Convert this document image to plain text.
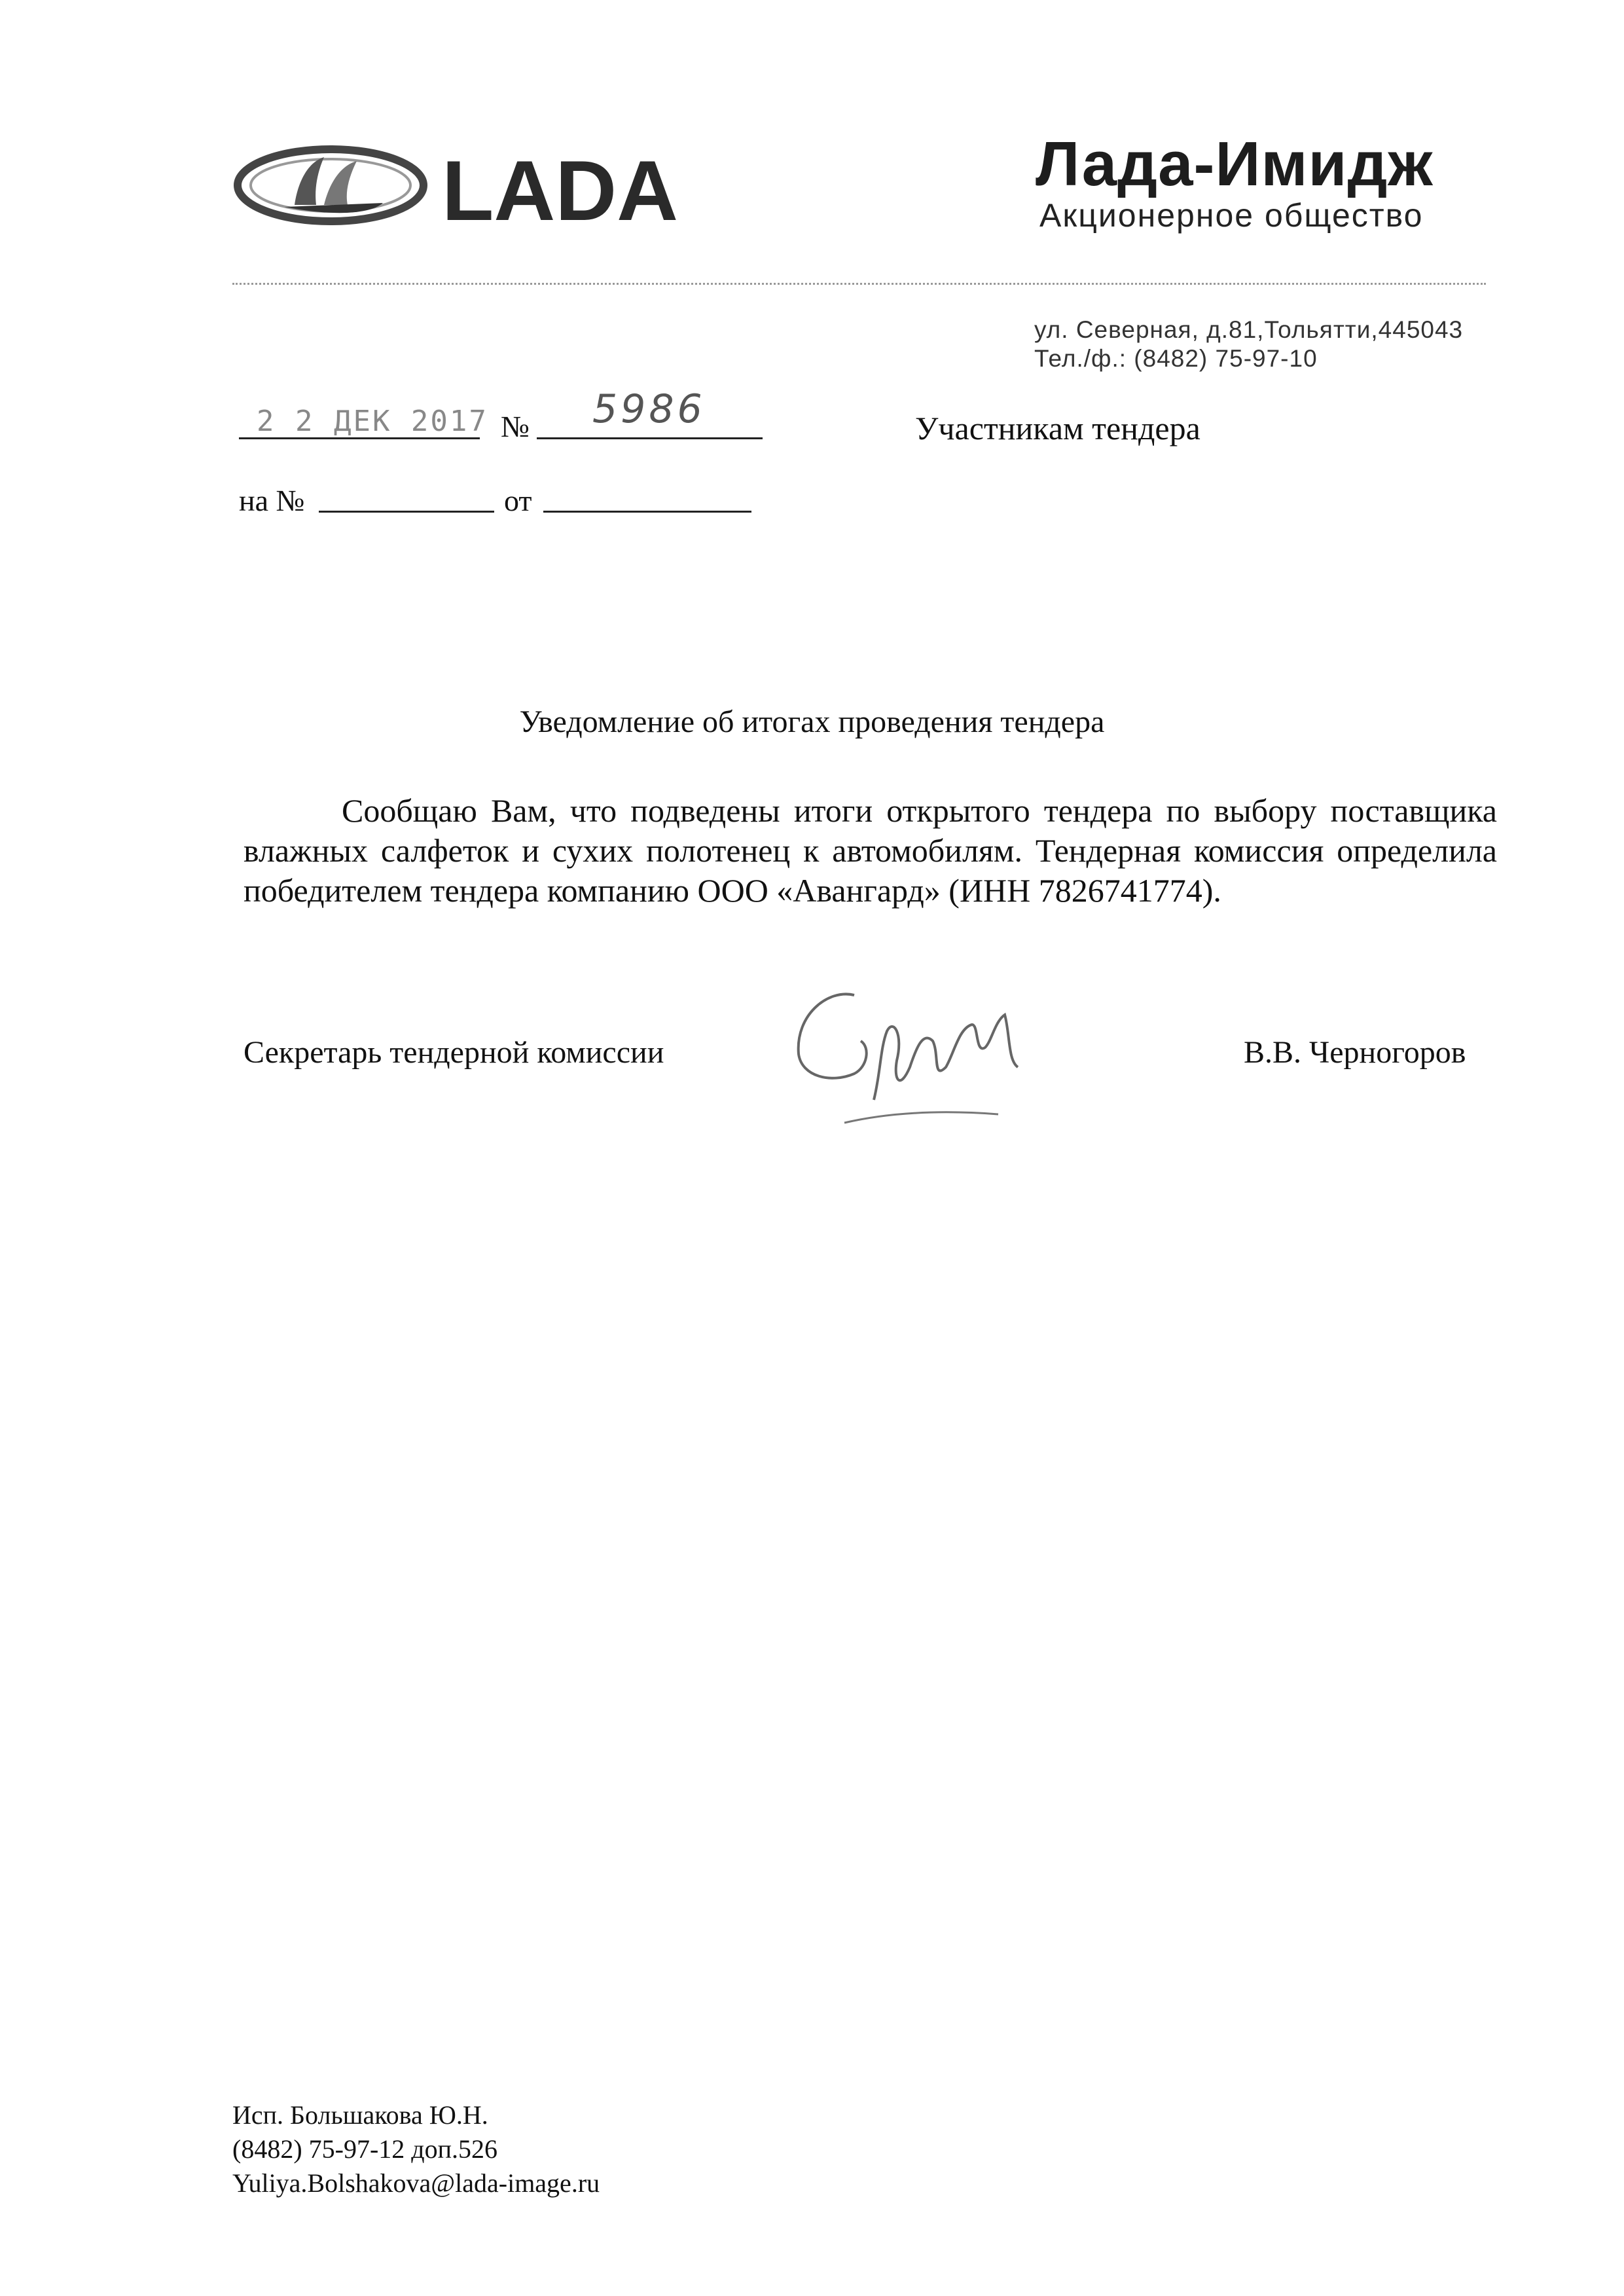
LADA	Лада-Имидж
Акционерное общество
ул. Северная, д.81,Тольятти,445043
Тел./ф.: (8482) 75-97-10
2 2 ДЕК 2017 № 5986	Участникам тендера
на №	от
Уведомление об итогах проведения тендера
Сообщаю Вам, что подведены итоги открытого тендера по выбору поставщика влажных салфеток и сухих полотенец к автомобилям. Тендерная комиссия определила победителем тендера компанию ООО «Авангард» (ИНН 7826741774).
Секретарь тендерной комиссии	В.В. Черногоров
Исп. Большакова Ю.Н.
(8482) 75-97-12 доп.526
Yuliya.Bolshakova@lada-image.ru
